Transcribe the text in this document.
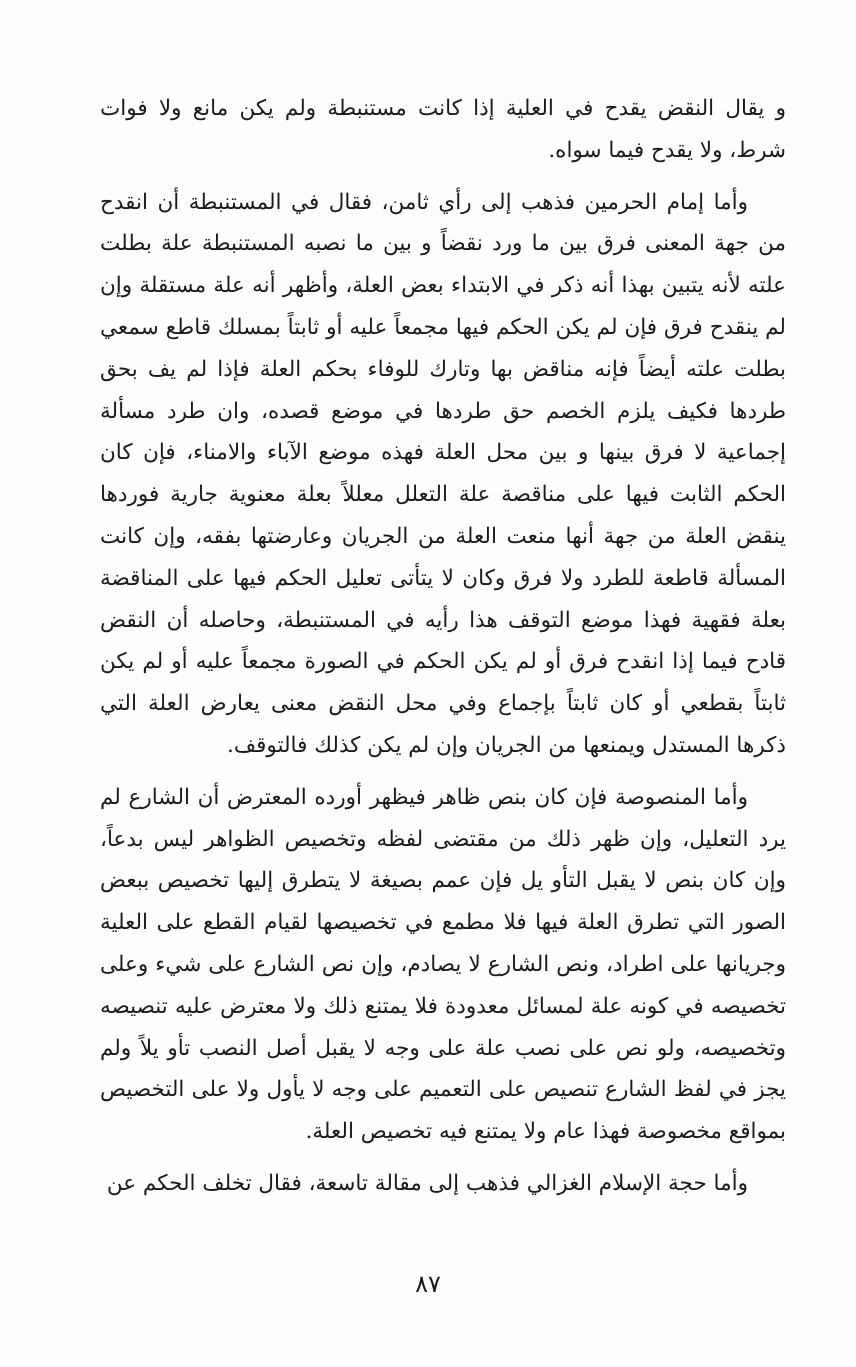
و يقال النقض يقدح في العلية إذا كانت مستنبطة ولم يكن مانع ولا فوات شرط، ولا يقدح فيما سواه.

وأما إمام الحرمين فذهب إلى رأي ثامن، فقال في المستنبطة أن انقدح من جهة المعنى فرق بين ما ورد نقضاً و بين ما نصبه المستنبطة علة بطلت علته لأنه يتبين بهذا أنه ذكر في الابتداء بعض العلة، وأظهر أنه علة مستقلة وإن لم ينقدح فرق فإن لم يكن الحكم فيها مجمعاً عليه أو ثابتاً بمسلك قاطع سمعي بطلت علته أيضاً فإنه مناقض بها وتارك للوفاء بحكم العلة فإذا لم يف بحق طردها فكيف يلزم الخصم حق طردها في موضع قصده، وان طرد مسألة إجماعية لا فرق بينها و بين محل العلة فهذه موضع الآباء والامناء، فإن كان الحكم الثابت فيها على مناقصة علة التعلل معللاً بعلة معنوية جارية فوردها ينقض العلة من جهة أنها منعت العلة من الجريان وعارضتها بفقه، وإن كانت المسألة قاطعة للطرد ولا فرق وكان لا يتأتى تعليل الحكم فيها على المناقضة بعلة فقهية فهذا موضع التوقف هذا رأيه في المستنبطة، وحاصله أن النقض قادح فيما إذا انقدح فرق أو لم يكن الحكم في الصورة مجمعاً عليه أو لم يكن ثابتاً بقطعي أو كان ثابتاً بإجماع وفي محل النقض معنى يعارض العلة التي ذكرها المستدل ويمنعها من الجريان وإن لم يكن كذلك فالتوقف.

وأما المنصوصة فإن كان بنص ظاهر فيظهر أورده المعترض أن الشارع لم يرد التعليل، وإن ظهر ذلك من مقتضى لفظه وتخصيص الظواهر ليس بدعاً، وإن كان بنص لا يقبل التأو يل فإن عمم بصيغة لا يتطرق إليها تخصيص ببعض الصور التي تطرق العلة فيها فلا مطمع في تخصيصها لقيام القطع على العلية وجريانها على اطراد، ونص الشارع لا يصادم، وإن نص الشارع على شيء وعلى تخصيصه في كونه علة لمسائل معدودة فلا يمتنع ذلك ولا معترض عليه تنصيصه وتخصيصه، ولو نص على نصب علة على وجه لا يقبل أصل النصب تأو يلاً ولم يجز في لفظ الشارع تنصيص على التعميم على وجه لا يأول ولا على التخصيص بمواقع مخصوصة فهذا عام ولا يمتنع فيه تخصيص العلة.

وأما حجة الإسلام الغزالي فذهب إلى مقالة تاسعة، فقال تخلف الحكم عن

٨٧
